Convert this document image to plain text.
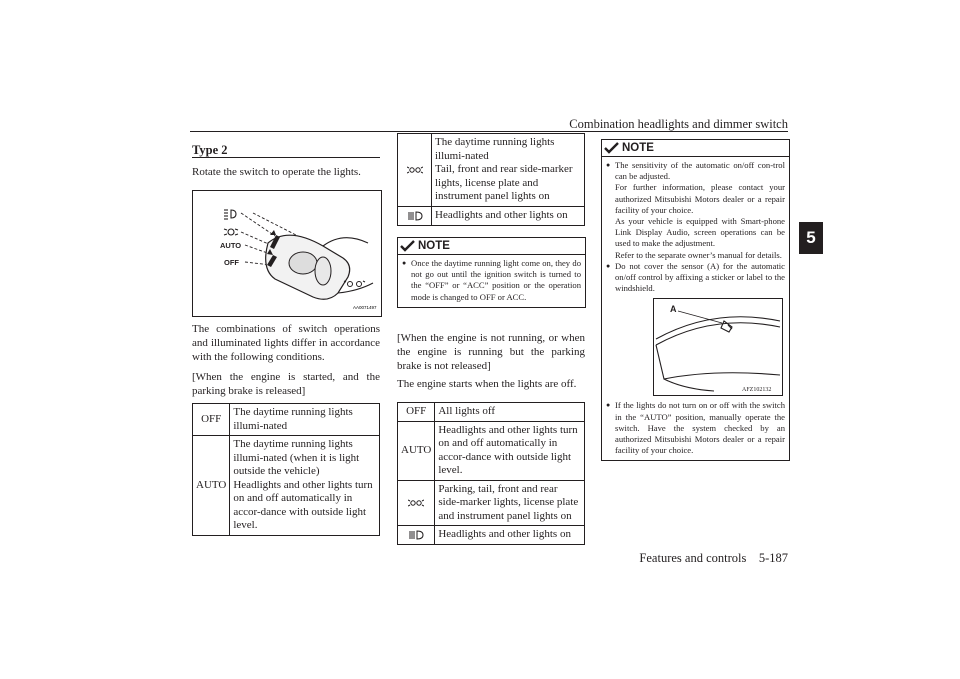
Combination headlights and dimmer switch
5
Type 2
Rotate the switch to operate the lights.
AUTO
OFF
AA0071497
The combinations of switch operations and illuminated lights differ in accordance with the following conditions.
[When the engine is started, and the parking brake is released]
OFF	The daytime running lights illumi-nated
AUTO	The daytime running lights illumi-nated (when it is light outside the vehicle)
Headlights and other lights turn on and off automatically in accor-dance with outside light level.
	The daytime running lights illumi-nated
Tail, front and rear side-marker lights, license plate and instrument panel lights on

	Headlights and other lights on
NOTE
● Once the daytime running light come on, they do not go out until the ignition switch is turned to the “OFF” or “ACC” position or the operation mode is changed to OFF or ACC.
[When the engine is not running, or when the engine is running but the parking brake is not released]
The engine starts when the lights are off.
OFF	All lights off
AUTO	Headlights and other lights turn on and off automatically in accor-dance with outside light level.

	Parking, tail, front and rear side-marker lights, license plate and instrument panel lights on

	Headlights and other lights on
NOTE
● The sensitivity of the automatic on/off con-trol can be adjusted.
For further information, please contact your authorized Mitsubishi Motors dealer or a repair facility of your choice.
As your vehicle is equipped with Smart-phone Link Display Audio, screen operations can be used to make the adjustment.
Refer to the separate owner’s manual for details.
● Do not cover the sensor (A) for the automatic on/off control by affixing a sticker or label to the windshield.
A
AFZ102132
● If the lights do not turn on or off with the switch in the “AUTO” position, manually operate the switch. Have the system checked by an authorized Mitsubishi Motors dealer or a repair facility of your choice.
Features and controls    5-187
